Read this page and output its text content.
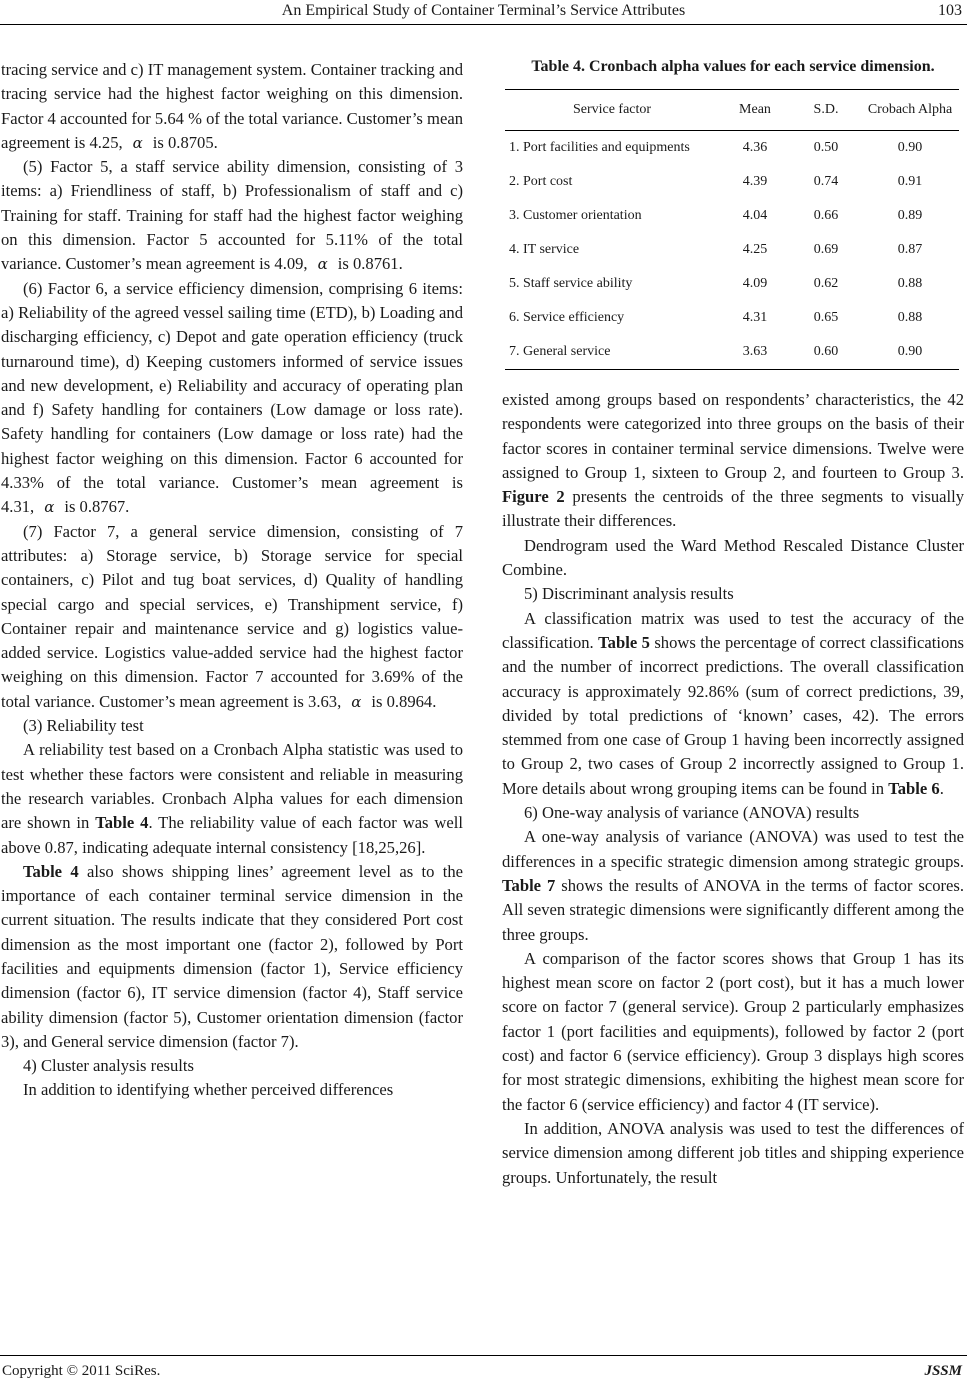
An Empirical Study of Container Terminal’s Service Attributes	103

tracing service and c) IT management system. Container tracking and tracing service had the highest factor weighing on this dimension. Factor 4 accounted for 5.64 % of the total variance. Customer’s mean agreement is 4.25, α is 0.8705.

(5) Factor 5, a staff service ability dimension, consisting of 3 items: a) Friendliness of staff, b) Professionalism of staff and c) Training for staff. Training for staff had the highest factor weighing on this dimension. Factor 5 accounted for 5.11% of the total variance. Customer’s mean agreement is 4.09, α is 0.8761.

(6) Factor 6, a service efficiency dimension, comprising 6 items: a) Reliability of the agreed vessel sailing time (ETD), b) Loading and discharging efficiency, c) Depot and gate operation efficiency (truck turnaround time), d) Keeping customers informed of service issues and new development, e) Reliability and accuracy of operating plan and f) Safety handling for containers (Low damage or loss rate). Safety handling for containers (Low damage or loss rate) had the highest factor weighing on this dimension. Factor 6 accounted for 4.33% of the total variance. Customer’s mean agreement is 4.31, α is 0.8767.

(7) Factor 7, a general service dimension, consisting of 7 attributes: a) Storage service, b) Storage service for special containers, c) Pilot and tug boat services, d) Quality of handling special cargo and special services, e) Transhipment service, f) Container repair and maintenance service and g) logistics value-added service. Logistics value-added service had the highest factor weighing on this dimension. Factor 7 accounted for 3.69% of the total variance. Customer’s mean agreement is 3.63, α is 0.8964.

(3) Reliability test

A reliability test based on a Cronbach Alpha statistic was used to test whether these factors were consistent and reliable in measuring the research variables. Cronbach Alpha values for each dimension are shown in Table 4. The reliability value of each factor was well above 0.87, indicating adequate internal consistency [18,25,26].

Table 4 also shows shipping lines’ agreement level as to the importance of each container terminal service dimension in the current situation. The results indicate that they considered Port cost dimension as the most important one (factor 2), followed by Port facilities and equipments dimension (factor 1), Service efficiency dimension (factor 6), IT service dimension (factor 4), Staff service ability dimension (factor 5), Customer orientation dimension (factor 3), and General service dimension (factor 7).

4) Cluster analysis results

In addition to identifying whether perceived differences

Table 4. Cronbach alpha values for each service dimension.
Service factor	Mean	S.D.	Crobach Alpha
1. Port facilities and equipments	4.36	0.50	0.90
2. Port cost	4.39	0.74	0.91
3. Customer orientation	4.04	0.66	0.89
4. IT service	4.25	0.69	0.87
5. Staff service ability	4.09	0.62	0.88
6. Service efficiency	4.31	0.65	0.88
7. General service	3.63	0.60	0.90

existed among groups based on respondents’ characteristics, the 42 respondents were categorized into three groups on the basis of their factor scores in container terminal service dimensions. Twelve were assigned to Group 1, sixteen to Group 2, and fourteen to Group 3. Figure 2 presents the centroids of the three segments to visually illustrate their differences.

Dendrogram used the Ward Method Rescaled Distance Cluster Combine.

5) Discriminant analysis results

A classification matrix was used to test the accuracy of the classification. Table 5 shows the percentage of correct classifications and the number of incorrect predictions. The overall classification accuracy is approximately 92.86% (sum of correct predictions, 39, divided by total predictions of ‘known’ cases, 42). The errors stemmed from one case of Group 1 having been incorrectly assigned to Group 2, two cases of Group 2 incorrectly assigned to Group 1. More details about wrong grouping items can be found in Table 6.

6) One-way analysis of variance (ANOVA) results

A one-way analysis of variance (ANOVA) was used to test the differences in a specific strategic dimension among strategic groups. Table 7 shows the results of ANOVA in the terms of factor scores. All seven strategic dimensions were significantly different among the three groups.

A comparison of the factor scores shows that Group 1 has its highest mean score on factor 2 (port cost), but it has a much lower score on factor 7 (general service). Group 2 particularly emphasizes factor 1 (port facilities and equipments), followed by factor 2 (port cost) and factor 6 (service efficiency). Group 3 displays high scores for most strategic dimensions, exhibiting the highest mean score for the factor 6 (service efficiency) and factor 4 (IT service).

In addition, ANOVA analysis was used to test the differences of service dimension among different job titles and shipping experience groups. Unfortunately, the result

Copyright © 2011 SciRes.	JSSM
